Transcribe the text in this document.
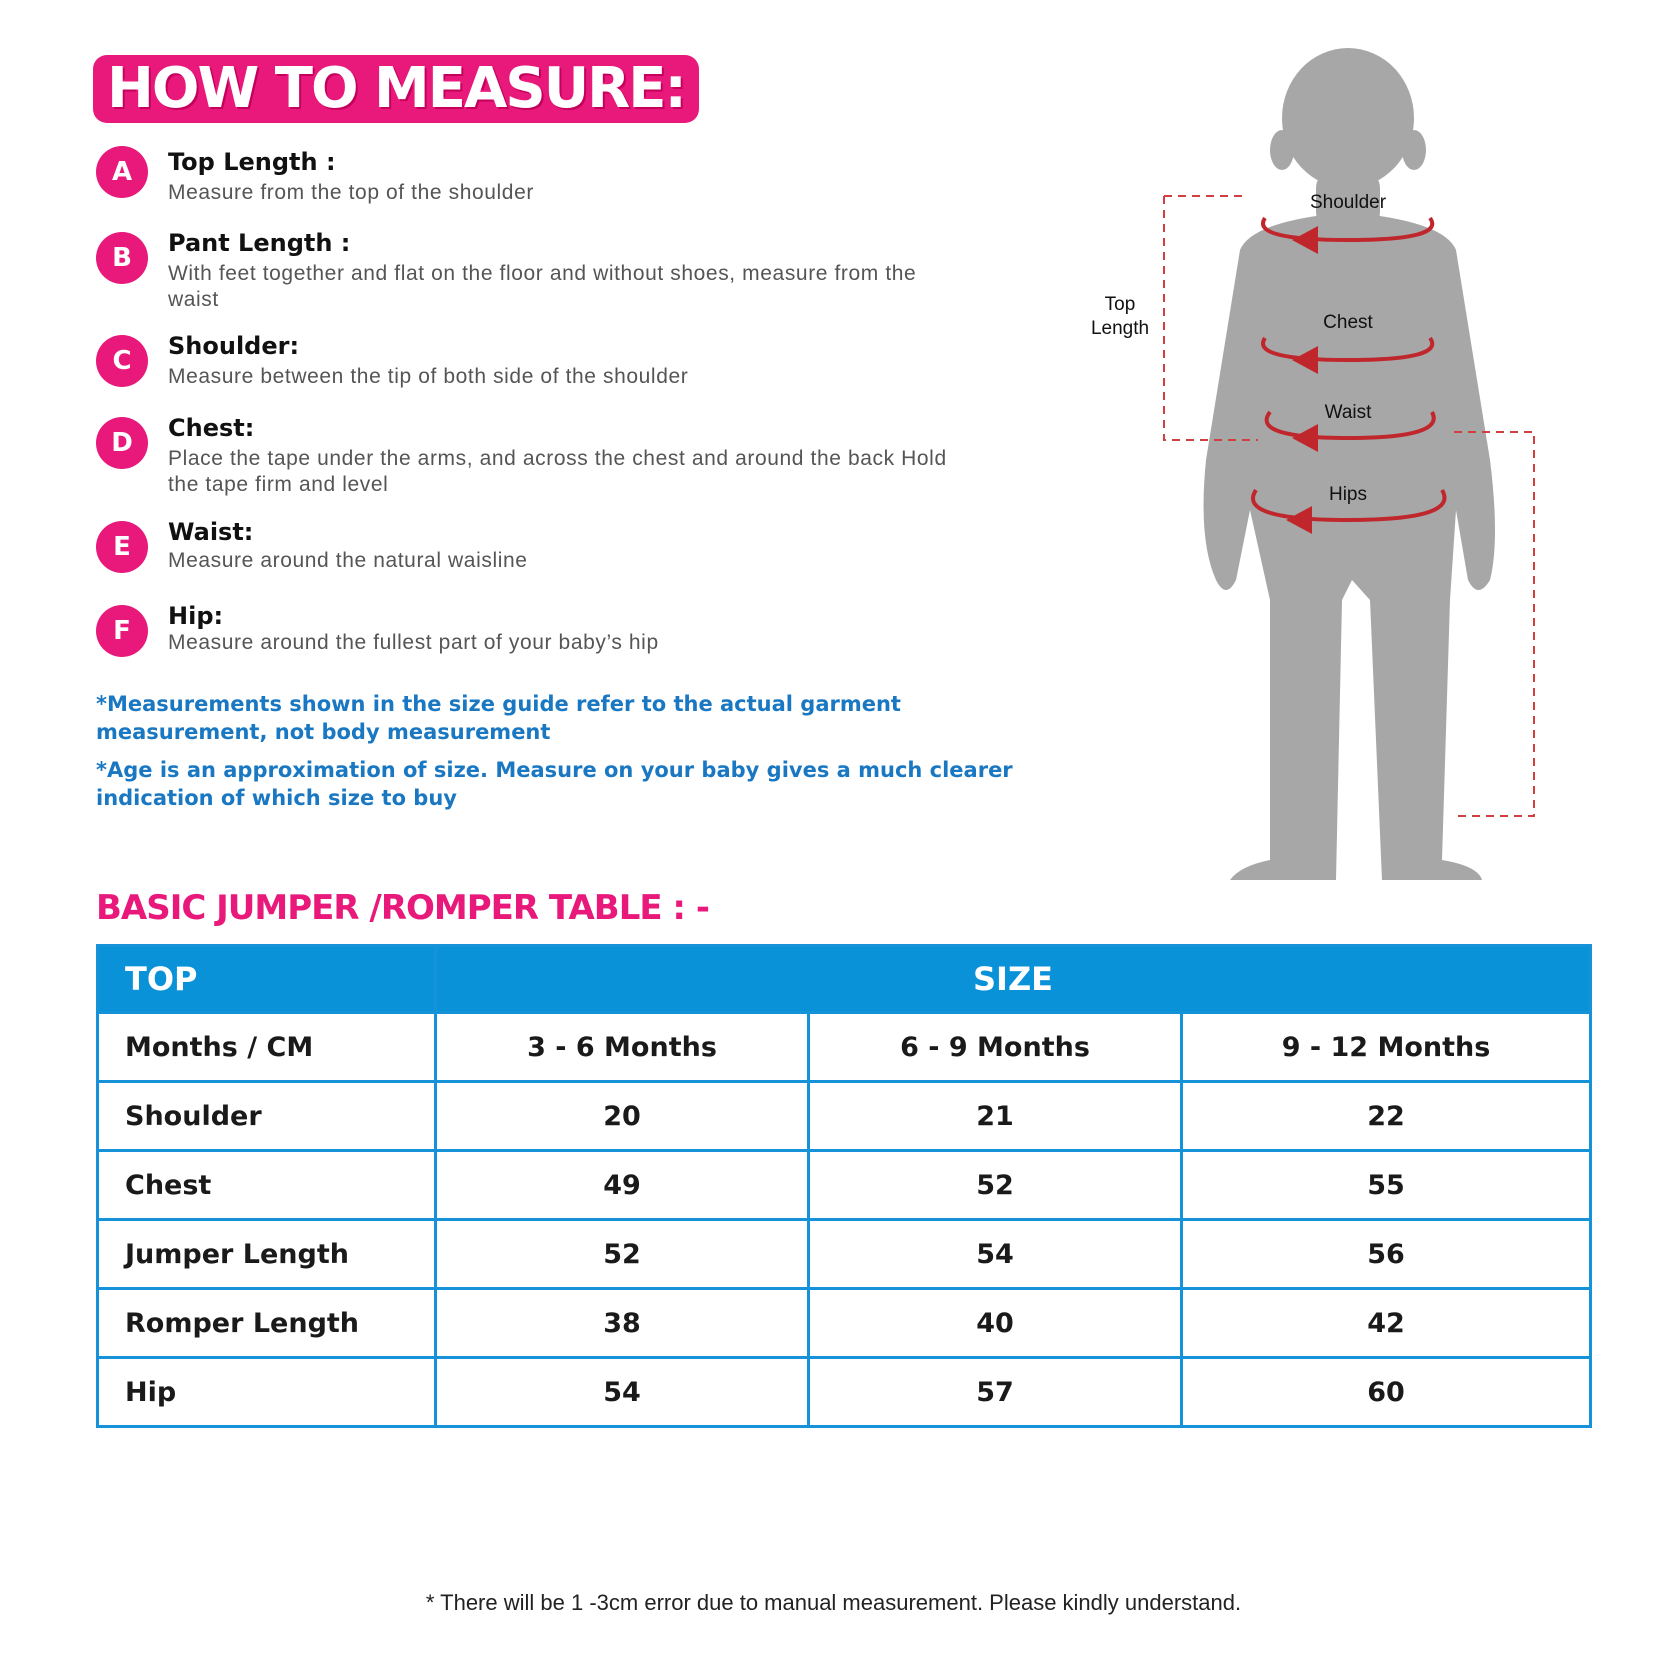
HOW TO MEASURE:
A	Top Length :
Measure from the top of the shoulder
B	Pant Length :
With feet together and flat on the floor and without shoes, measure from the waist
C	Shoulder:
Measure between the tip of both side of the shoulder
D	Chest:
Place the tape under the arms, and across the chest and around the back Hold the tape firm and level
E	Waist:
Measure around the natural waisline
F	Hip:
Measure around the fullest part of your baby’s hip
*Measurements shown in the size guide refer to the actual garment measurement, not body measurement
*Age is an approximation of size. Measure on your baby gives a much clearer indication of which size to buy
Shoulder
Chest
Waist
Hips
Top
Length
BASIC JUMPER /ROMPER TABLE : -
TOP	SIZE		
Months / CM	3 - 6 Months	6 - 9 Months	9 - 12 Months
Shoulder	20	21	22
Chest	49	52	55
Jumper Length	52	54	56
Romper Length	38	40	42
Hip	54	57	60
* There will be 1 -3cm error due to manual measurement. Please kindly understand.
